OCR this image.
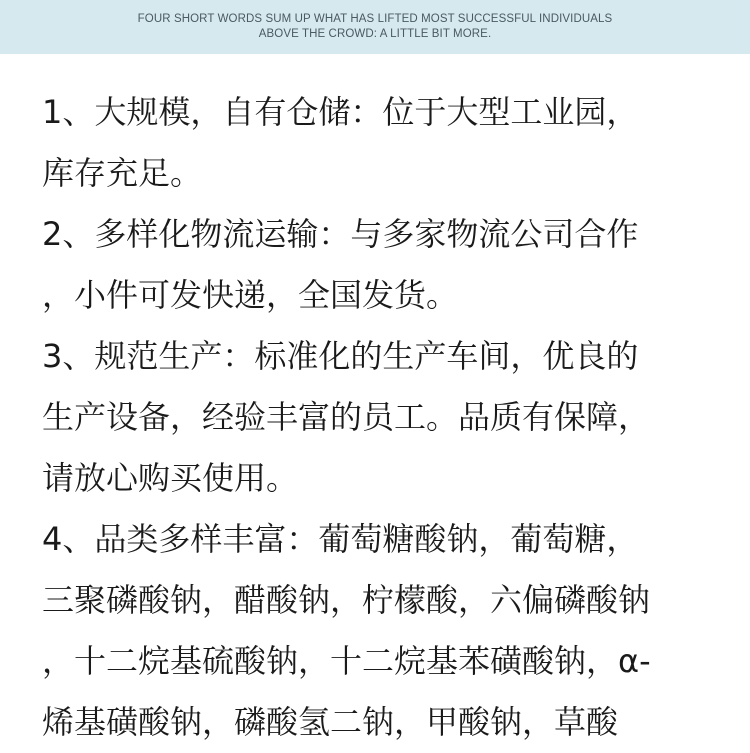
FOUR SHORT WORDS SUM UP WHAT HAS LIFTED MOST SUCCESSFUL INDIVIDUALS
ABOVE THE CROWD: A LITTLE BIT MORE.
1、大规模，自有仓储：位于大型工业园，
库存充足。
2、多样化物流运输：与多家物流公司合作
，小件可发快递，全国发货。
3、规范生产：标准化的生产车间，优良的
生产设备，经验丰富的员工。品质有保障，
请放心购买使用。
4、品类多样丰富：葡萄糖酸钠，葡萄糖，
三聚磷酸钠，醋酸钠，柠檬酸，六偏磷酸钠
，十二烷基硫酸钠，十二烷基苯磺酸钠，α-
烯基磺酸钠，磷酸氢二钠，甲酸钠，草酸
